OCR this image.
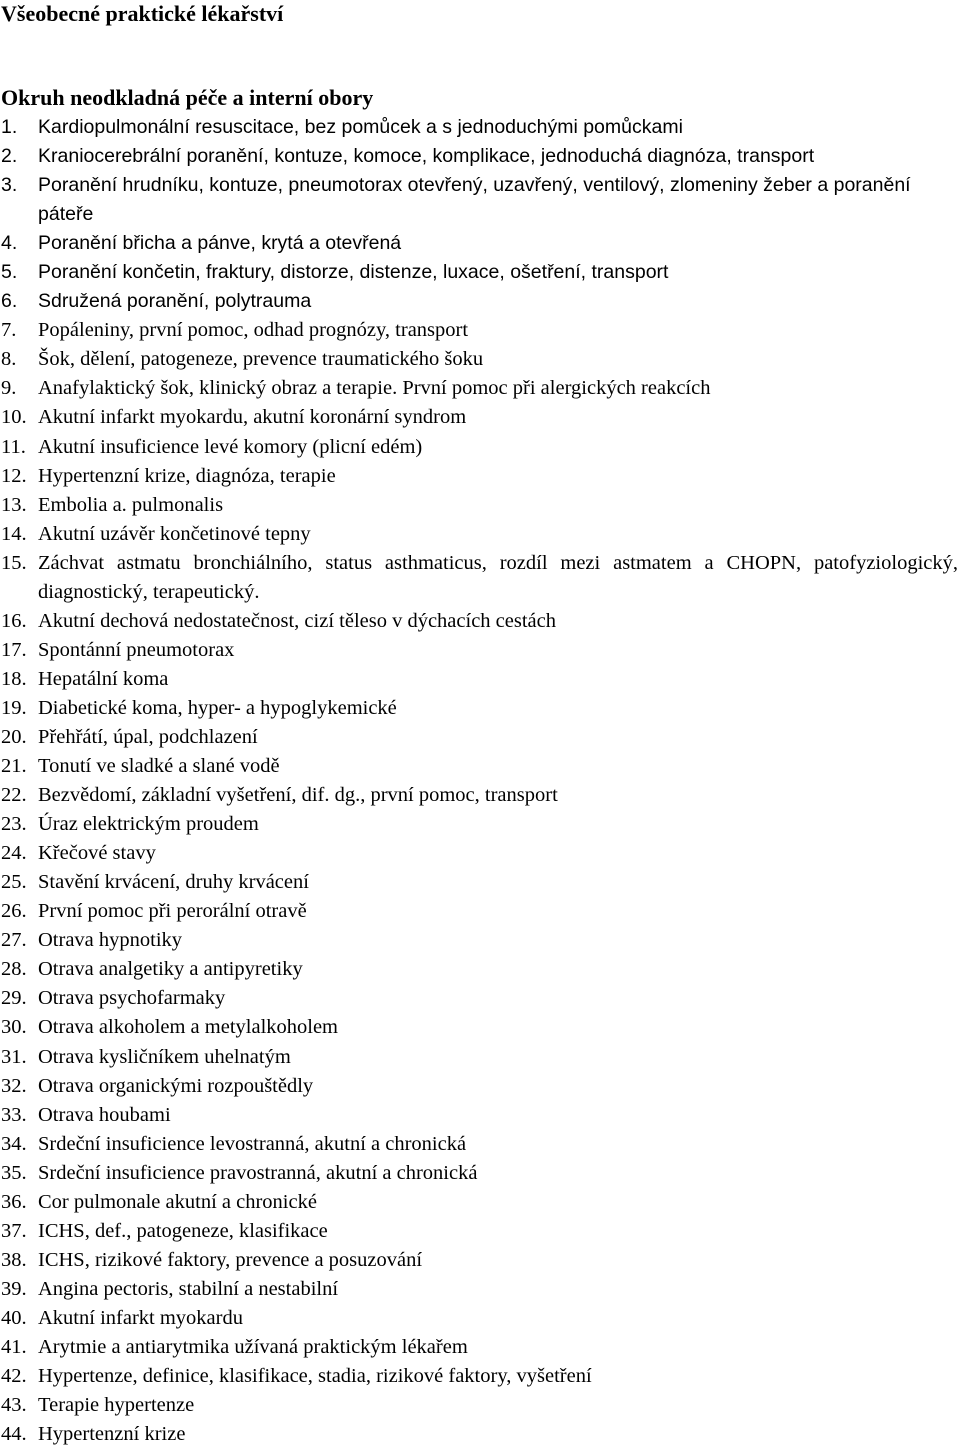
Všeobecné praktické lékařství
Okruh neodkladná péče a interní obory
1. Kardiopulmonální resuscitace, bez pomůcek a s jednoduchými pomůckami
2. Kraniocerebrální poranění, kontuze, komoce, komplikace, jednoduchá diagnóza, transport
3. Poranění hrudníku, kontuze, pneumotorax otevřený, uzavřený, ventilový, zlomeniny žeber a poranění páteře
4. Poranění břicha a pánve, krytá a otevřená
5. Poranění končetin, fraktury, distorze, distenze, luxace, ošetření, transport
6. Sdružená poranění, polytrauma
7. Popáleniny, první pomoc, odhad prognózy, transport
8. Šok, dělení, patogeneze, prevence traumatického šoku
9. Anafylaktický šok, klinický obraz a terapie. První pomoc při alergických reakcích
10. Akutní infarkt myokardu, akutní koronární syndrom
11. Akutní insuficience levé komory (plicní edém)
12. Hypertenzní krize, diagnóza, terapie
13. Embolia a. pulmonalis
14. Akutní uzávěr končetinové tepny
15. Záchvat astmatu bronchiálního, status asthmaticus, rozdíl mezi astmatem a CHOPN, patofyziologický, diagnostický, terapeutický.
16. Akutní dechová nedostatečnost, cizí těleso v dýchacích cestách
17. Spontánní pneumotorax
18. Hepatální koma
19. Diabetické koma, hyper- a hypoglykemické
20. Přehřátí, úpal, podchlazení
21. Tonutí ve sladké a slané vodě
22. Bezvědomí, základní vyšetření, dif. dg., první pomoc, transport
23. Úraz elektrickým proudem
24. Křečové stavy
25. Stavění krvácení, druhy krvácení
26. První pomoc při perorální otravě
27. Otrava hypnotiky
28. Otrava analgetiky a antipyretiky
29. Otrava psychofarmaky
30. Otrava alkoholem a metylalkoholem
31. Otrava kysličníkem uhelnatým
32. Otrava organickými rozpouštědly
33. Otrava houbami
34. Srdeční insuficience levostranná, akutní a chronická
35. Srdeční insuficience pravostranná, akutní a chronická
36. Cor pulmonale akutní a chronické
37. ICHS, def., patogeneze, klasifikace
38. ICHS, rizikové faktory, prevence a posuzování
39. Angina pectoris, stabilní a nestabilní
40. Akutní infarkt myokardu
41. Arytmie a antiarytmika užívaná praktickým lékařem
42. Hypertenze, definice, klasifikace, stadia, rizikové faktory, vyšetření
43. Terapie hypertenze
44. Hypertenzní krize
